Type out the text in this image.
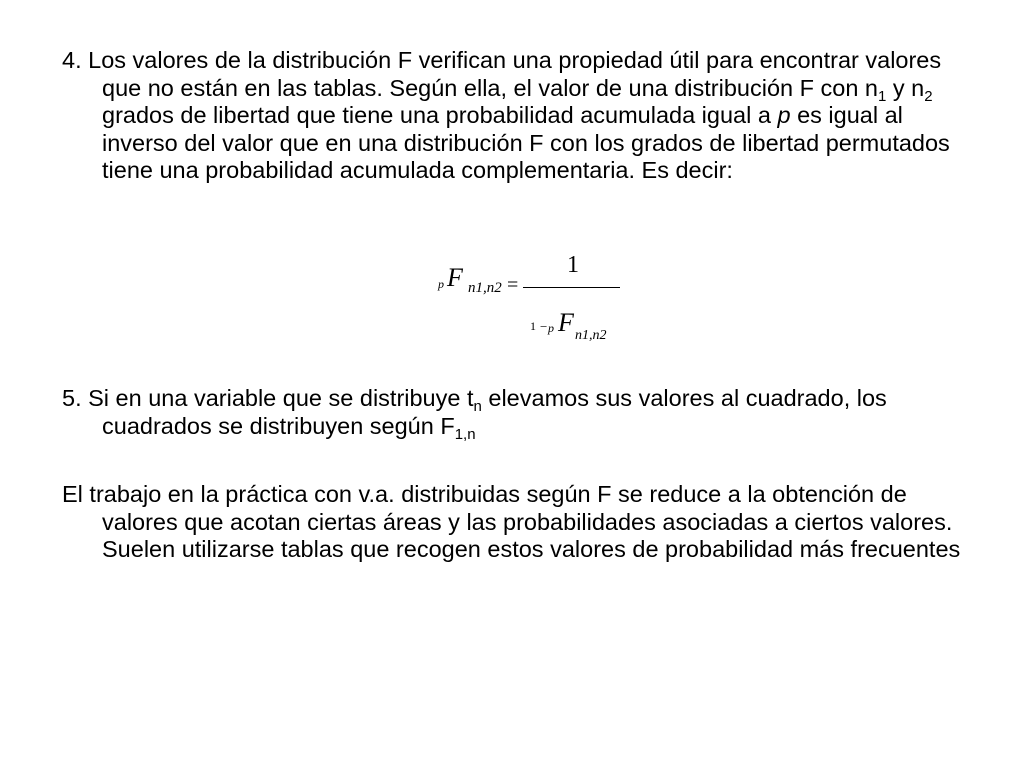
4. Los valores de la distribución F verifican una propiedad útil para encontrar valores que no están en las tablas. Según ella, el valor de una distribución F con $n_1$ y $n_2$ grados de libertad que tiene una probabilidad acumulada igual a p es igual al inverso del valor que en una distribución F con los grados de libertad permutados tiene una probabilidad acumulada complementaria. Es decir:
p F n1,n2 =
1
1 − p F n1,n2
5. Si en una variable que se distribuye $t_n$ elevamos sus valores al cuadrado, los cuadrados se distribuyen según $F_{1,n}$
El trabajo en la práctica con v.a. distribuidas según F se reduce a la obtención de valores que acotan ciertas áreas y las probabilidades asociadas a ciertos valores. Suelen utilizarse tablas que recogen estos valores de probabilidad más frecuentes
